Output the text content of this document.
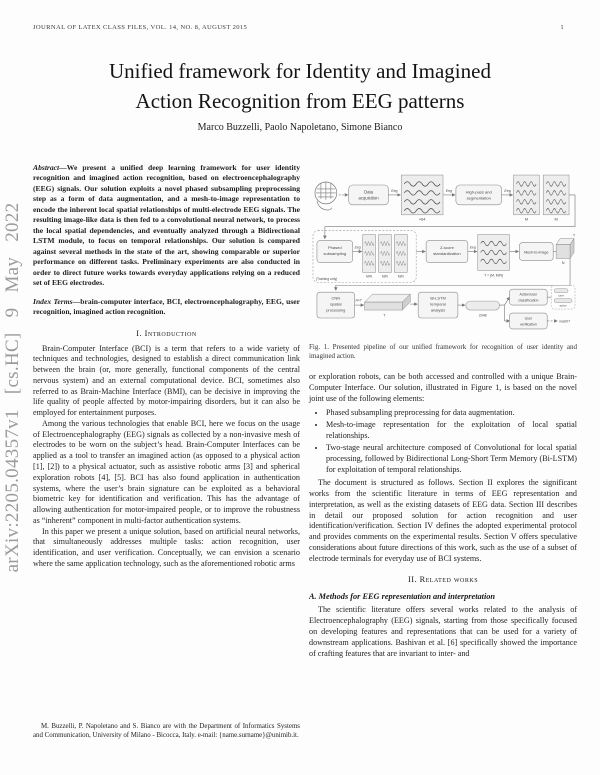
JOURNAL OF LATEX CLASS FILES, VOL. 14, NO. 8, AUGUST 2015	1
arXiv:2205.04357v1 [cs.HC] 9 May 2022
Unified framework for Identity and Imagined
Action Recognition from EEG patterns
Marco Buzzelli, Paolo Napoletano, Simone Bianco

Abstract—We present a unified deep learning framework for user identity recognition and imagined action recognition, based on electroencephalography (EEG) signals. Our solution exploits a novel phased subsampling preprocessing step as a form of data augmentation, and a mesh-to-image representation to encode the inherent local spatial relationships of multi-electrode EEG signals. The resulting image-like data is then fed to a convolutional neural network, to process the local spatial dependencies, and eventually analyzed through a Bidirectional LSTM module, to focus on temporal relationships. Our solution is compared against several methods in the state of the art, showing comparable or superior performance on different tasks. Preliminary experiments are also conducted in order to direct future works towards everyday applications relying on a reduced set of EEG electrodes.

Index Terms—brain-computer interface, BCI, electroencephalography, EEG, user recognition, imagined action recognition.

I. Introduction

Brain-Computer Interface (BCI) is a term that refers to a wide variety of techniques and technologies, designed to establish a direct communication link between the brain (or, more generally, functional components of the central nervous system) and an external computational device. BCI, sometimes also referred to as Brain-Machine Interface (BMI), can be decisive in improving the life quality of people affected by motor-impairing disorders, but it can also be employed for entertainment purposes.

Among the various technologies that enable BCI, here we focus on the usage of Electroencephalography (EEG) signals as collected by a non-invasive mesh of electrodes to be worn on the subject’s head. Brain-Computer Interfaces can be applied as a tool to transfer an imagined action (as opposed to a physical action [1], [2]) to a physical actuator, such as assistive robotic arms [3] and spherical exploration robots [4], [5]. BCI has also found application in authentication systems, where the user’s brain signature can be exploited as a behavioral biometric key for identification and verification. This has the advantage of allowing authentication for motor-impaired people, or to improve the robustness as “inherent” component in multi-factor authentication systems.

In this paper we present a unique solution, based on artificial neural networks, that simultaneously addresses multiple tasks: action recognition, user identification, and user verification. Conceptually, we can envision a scenario where the same application technology, such as the aforementioned robotic arms

M. Buzzelli, P. Napoletano and S. Bianco are with the Department of Informatics Systems and Communication, University of Milano - Bicocca, Italy. e-mail: {name.surname}@unimib.it.

Data
acquisition
Eeg
×64
Eeg	High-pass and
segmentation
Eeg
M	M
(Training only)
Phased
subsampling
Eeg
M/N	M/N	M/N
Z-score
standardization
Eeg
T = {M, M/N}
Mesh-to-image
T
N
CNN
spatial
processing
N×T
T
Bi-LSTM
temporal
analysis
2048
Action/user
classification
user
action
User
verification
match?

Fig. 1. Presented pipeline of our unified framework for recognition of user identity and imagined action.

or exploration robots, can be both accessed and controlled with a unique Brain-Computer Interface. Our solution, illustrated in Figure 1, is based on the novel joint use of the following elements:

• Phased subsampling preprocessing for data augmentation.
• Mesh-to-image representation for the exploitation of local spatial relationships.
• Two-stage neural architecture composed of Convolutional for local spatial processing, followed by Bidirectional Long-Short Term Memory (Bi-LSTM) for exploitation of temporal relationships.

The document is structured as follows. Section II explores the significant works from the scientific literature in terms of EEG representation and interpretation, as well as the existing datasets of EEG data. Section III describes in detail our proposed solution for action recognition and user identification/verification. Section IV defines the adopted experimental protocol and provides comments on the experimental results. Section V offers speculative considerations about future directions of this work, such as the use of a subset of electrode terminals for everyday use of BCI systems.

II. Related works
A. Methods for EEG representation and interpretation

The scientific literature offers several works related to the analysis of Electroencephalography (EEG) signals, starting from those specifically focused on developing features and representations that can be used for a variety of downstream applications. Bashivan et al. [6] specifically showed the importance of crafting features that are invariant to inter- and
